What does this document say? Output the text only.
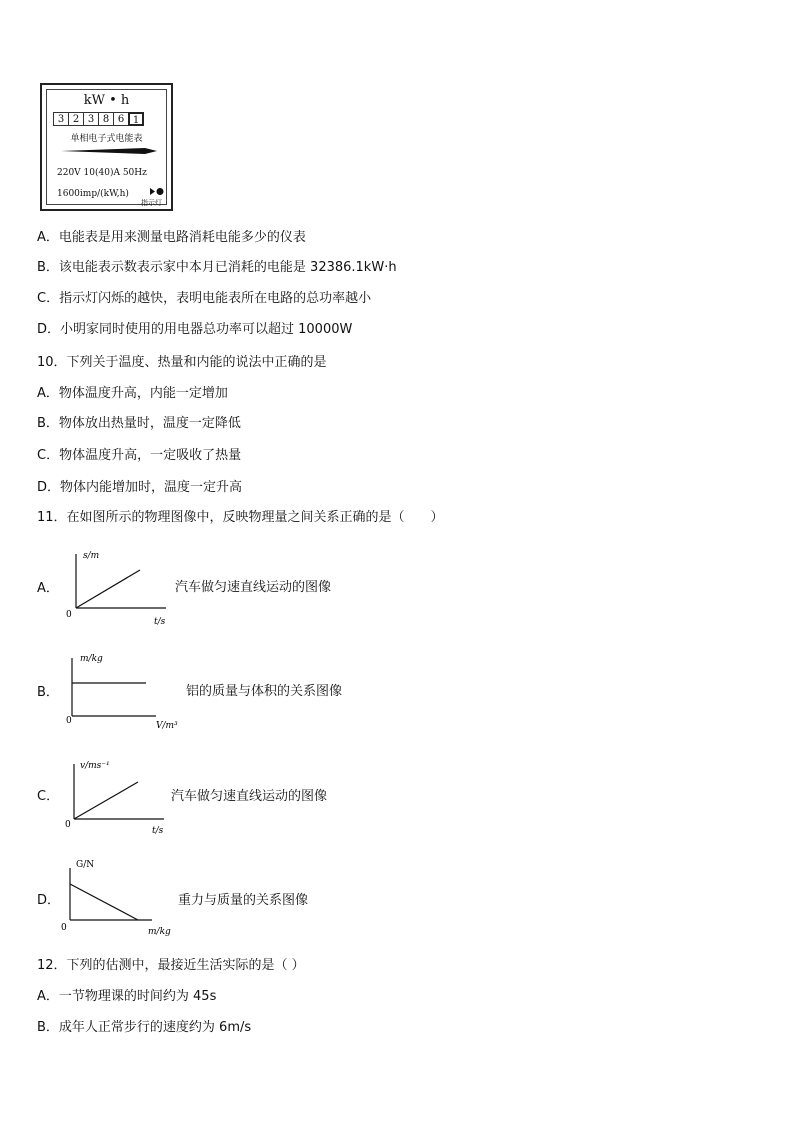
kW • h
3 2 3 8 6 1
单相电子式电能表
220V 10(40)A 50Hz
1600imp/(kW,h)
指示灯
A．电能表是用来测量电路消耗电能多少的仪表
B．该电能表示数表示家中本月已消耗的电能是 32386.1kW·h
C．指示灯闪烁的越快，表明电能表所在电路的总功率越小
D．小明家同时使用的用电器总功率可以超过 10000W
10．下列关于温度、热量和内能的说法中正确的是
A．物体温度升高，内能一定增加
B．物体放出热量时，温度一定降低
C．物体温度升高，一定吸收了热量
D．物体内能增加时，温度一定升高
11．在如图所示的物理图像中，反映物理量之间关系正确的是（　　）
A．
s/m
0
t/s
汽车做匀速直线运动的图像
B．
m/kg
0	V/m³
铝的质量与体积的关系图像
C．
v/ms⁻¹
0
t/s
汽车做匀速直线运动的图像
D．
G/N
0	m/kg
重力与质量的关系图像
12．下列的估测中，最接近生活实际的是（ ）
A．一节物理课的时间约为 45s
B．成年人正常步行的速度约为 6m/s
